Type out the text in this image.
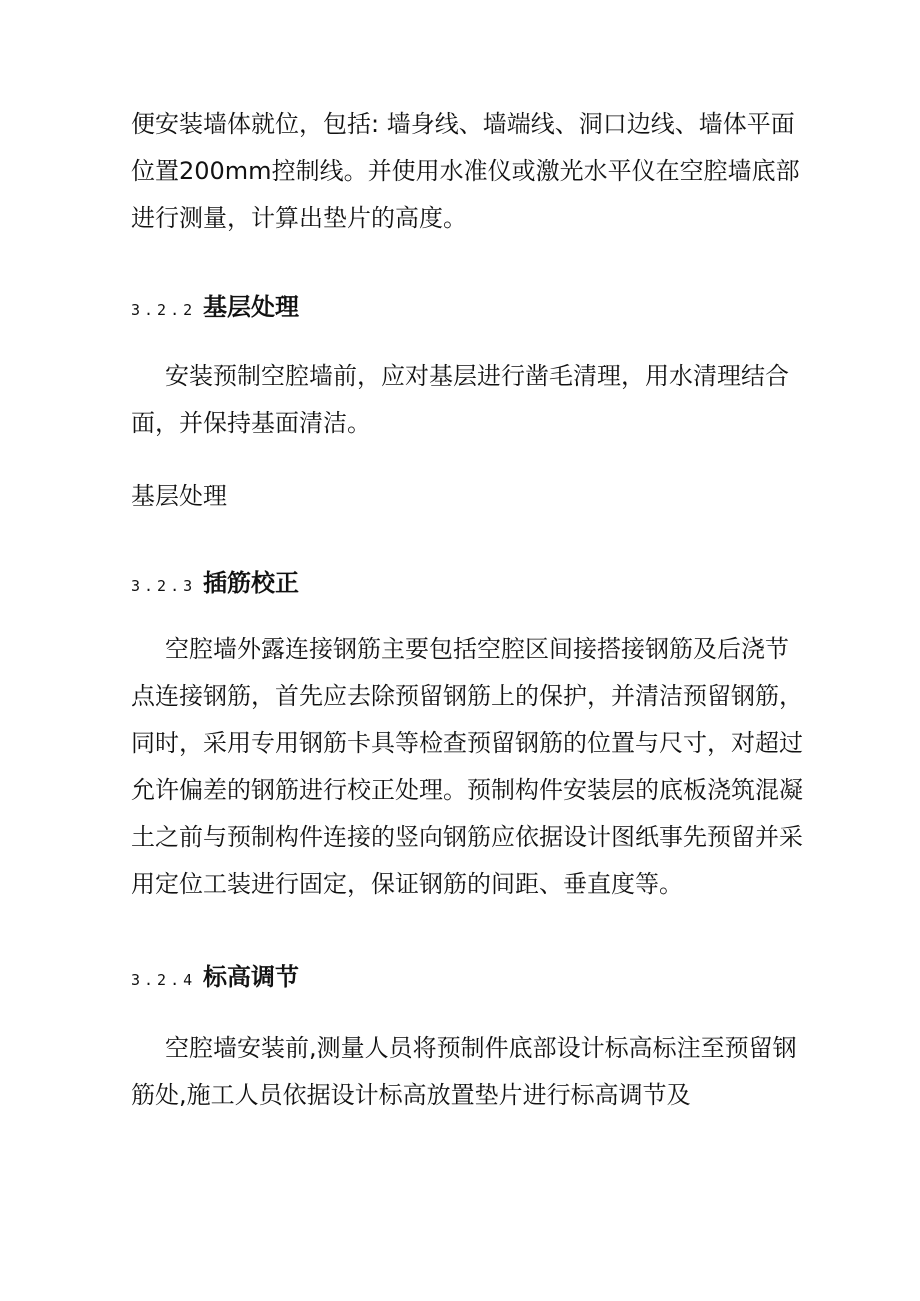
便安装墙体就位，包括: 墙身线、墙端线、洞口边线、墙体平面位置200mm控制线。并使用水准仪或激光水平仪在空腔墙底部进行测量，计算出垫片的高度。

3.2.2 基层处理

安装预制空腔墙前，应对基层进行凿毛清理，用水清理结合面，并保持基面清洁。

基层处理

3.2.3 插筋校正

空腔墙外露连接钢筋主要包括空腔区间接搭接钢筋及后浇节点连接钢筋，首先应去除预留钢筋上的保护，并清洁预留钢筋，同时，采用专用钢筋卡具等检查预留钢筋的位置与尺寸，对超过允许偏差的钢筋进行校正处理。预制构件安装层的底板浇筑混凝土之前与预制构件连接的竖向钢筋应依据设计图纸事先预留并采用定位工装进行固定，保证钢筋的间距、垂直度等。

3.2.4 标高调节

空腔墙安装前,测量人员将预制件底部设计标高标注至预留钢筋处,施工人员依据设计标高放置垫片进行标高调节及
